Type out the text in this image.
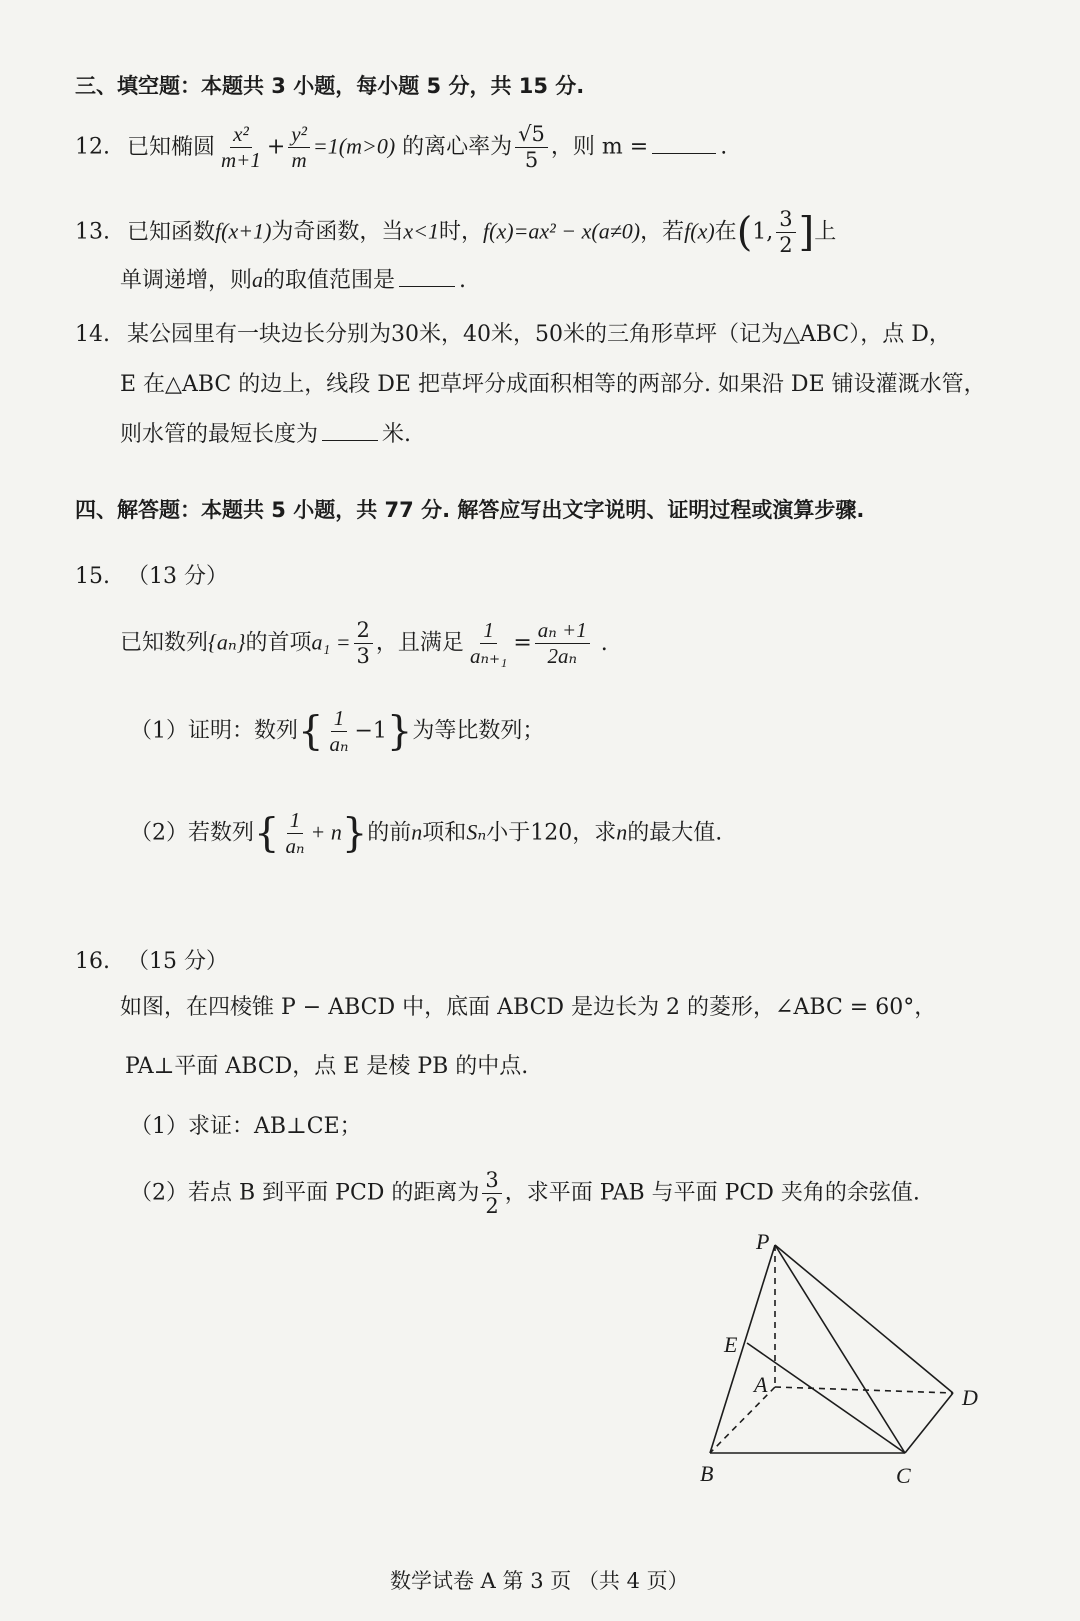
三、填空题：本题共 3 小题，每小题 5 分，共 15 分.
12. 已知椭圆 $\frac{\text{x²}}{m+1} + \frac{\text{y²}}{m} =1(m>0)$ 的离心率为 $\frac{√5}{5}$ ，则 m =	.
13. 已知函数f(x+1)为奇函数，当x<1时，f(x)=ax² − x(a≠0)，若f(x)在(1, $\frac{3}{2}$ ]上
单调递增，则a的取值范围是	.
14. 某公园里有一块边长分别为30米，40米，50米的三角形草坪（记为△ABC），点 D，
E 在△ABC 的边上，线段 DE 把草坪分成面积相等的两部分. 如果沿 DE 铺设灌溉水管，
则水管的最短长度为	米.
四、解答题：本题共 5 小题，共 77 分. 解答应写出文字说明、证明过程或演算步骤.
15. （13 分）
已知数列{aₙ}的首项$a_1 = \frac{2}{3}$ ，且满足 $\frac{1}{\text{aₙ₊₁}} = \frac{\text{aₙ +1}}{\text{2aₙ}}$ .
（1）证明：数列{ $\frac{1}{\text{aₙ}} -1$}为等比数列；
（2）若数列{ $\frac{1}{\text{aₙ}} + n$}的前n项和Sₙ小于120，求n的最大值.
16. （15 分）
如图，在四棱锥 P − ABCD 中，底面 ABCD 是边长为 2 的菱形，∠ABC = 60°，
PA⊥平面 ABCD，点 E 是棱 PB 的中点.
（1）求证：AB⊥CE；
（2）若点 B 到平面 PCD 的距离为 $\frac{3}{2}$ ，求平面 PAB 与平面 PCD 夹角的余弦值.
P
E
A
D
B	C
数学试卷 A 第 3 页 （共 4 页）
